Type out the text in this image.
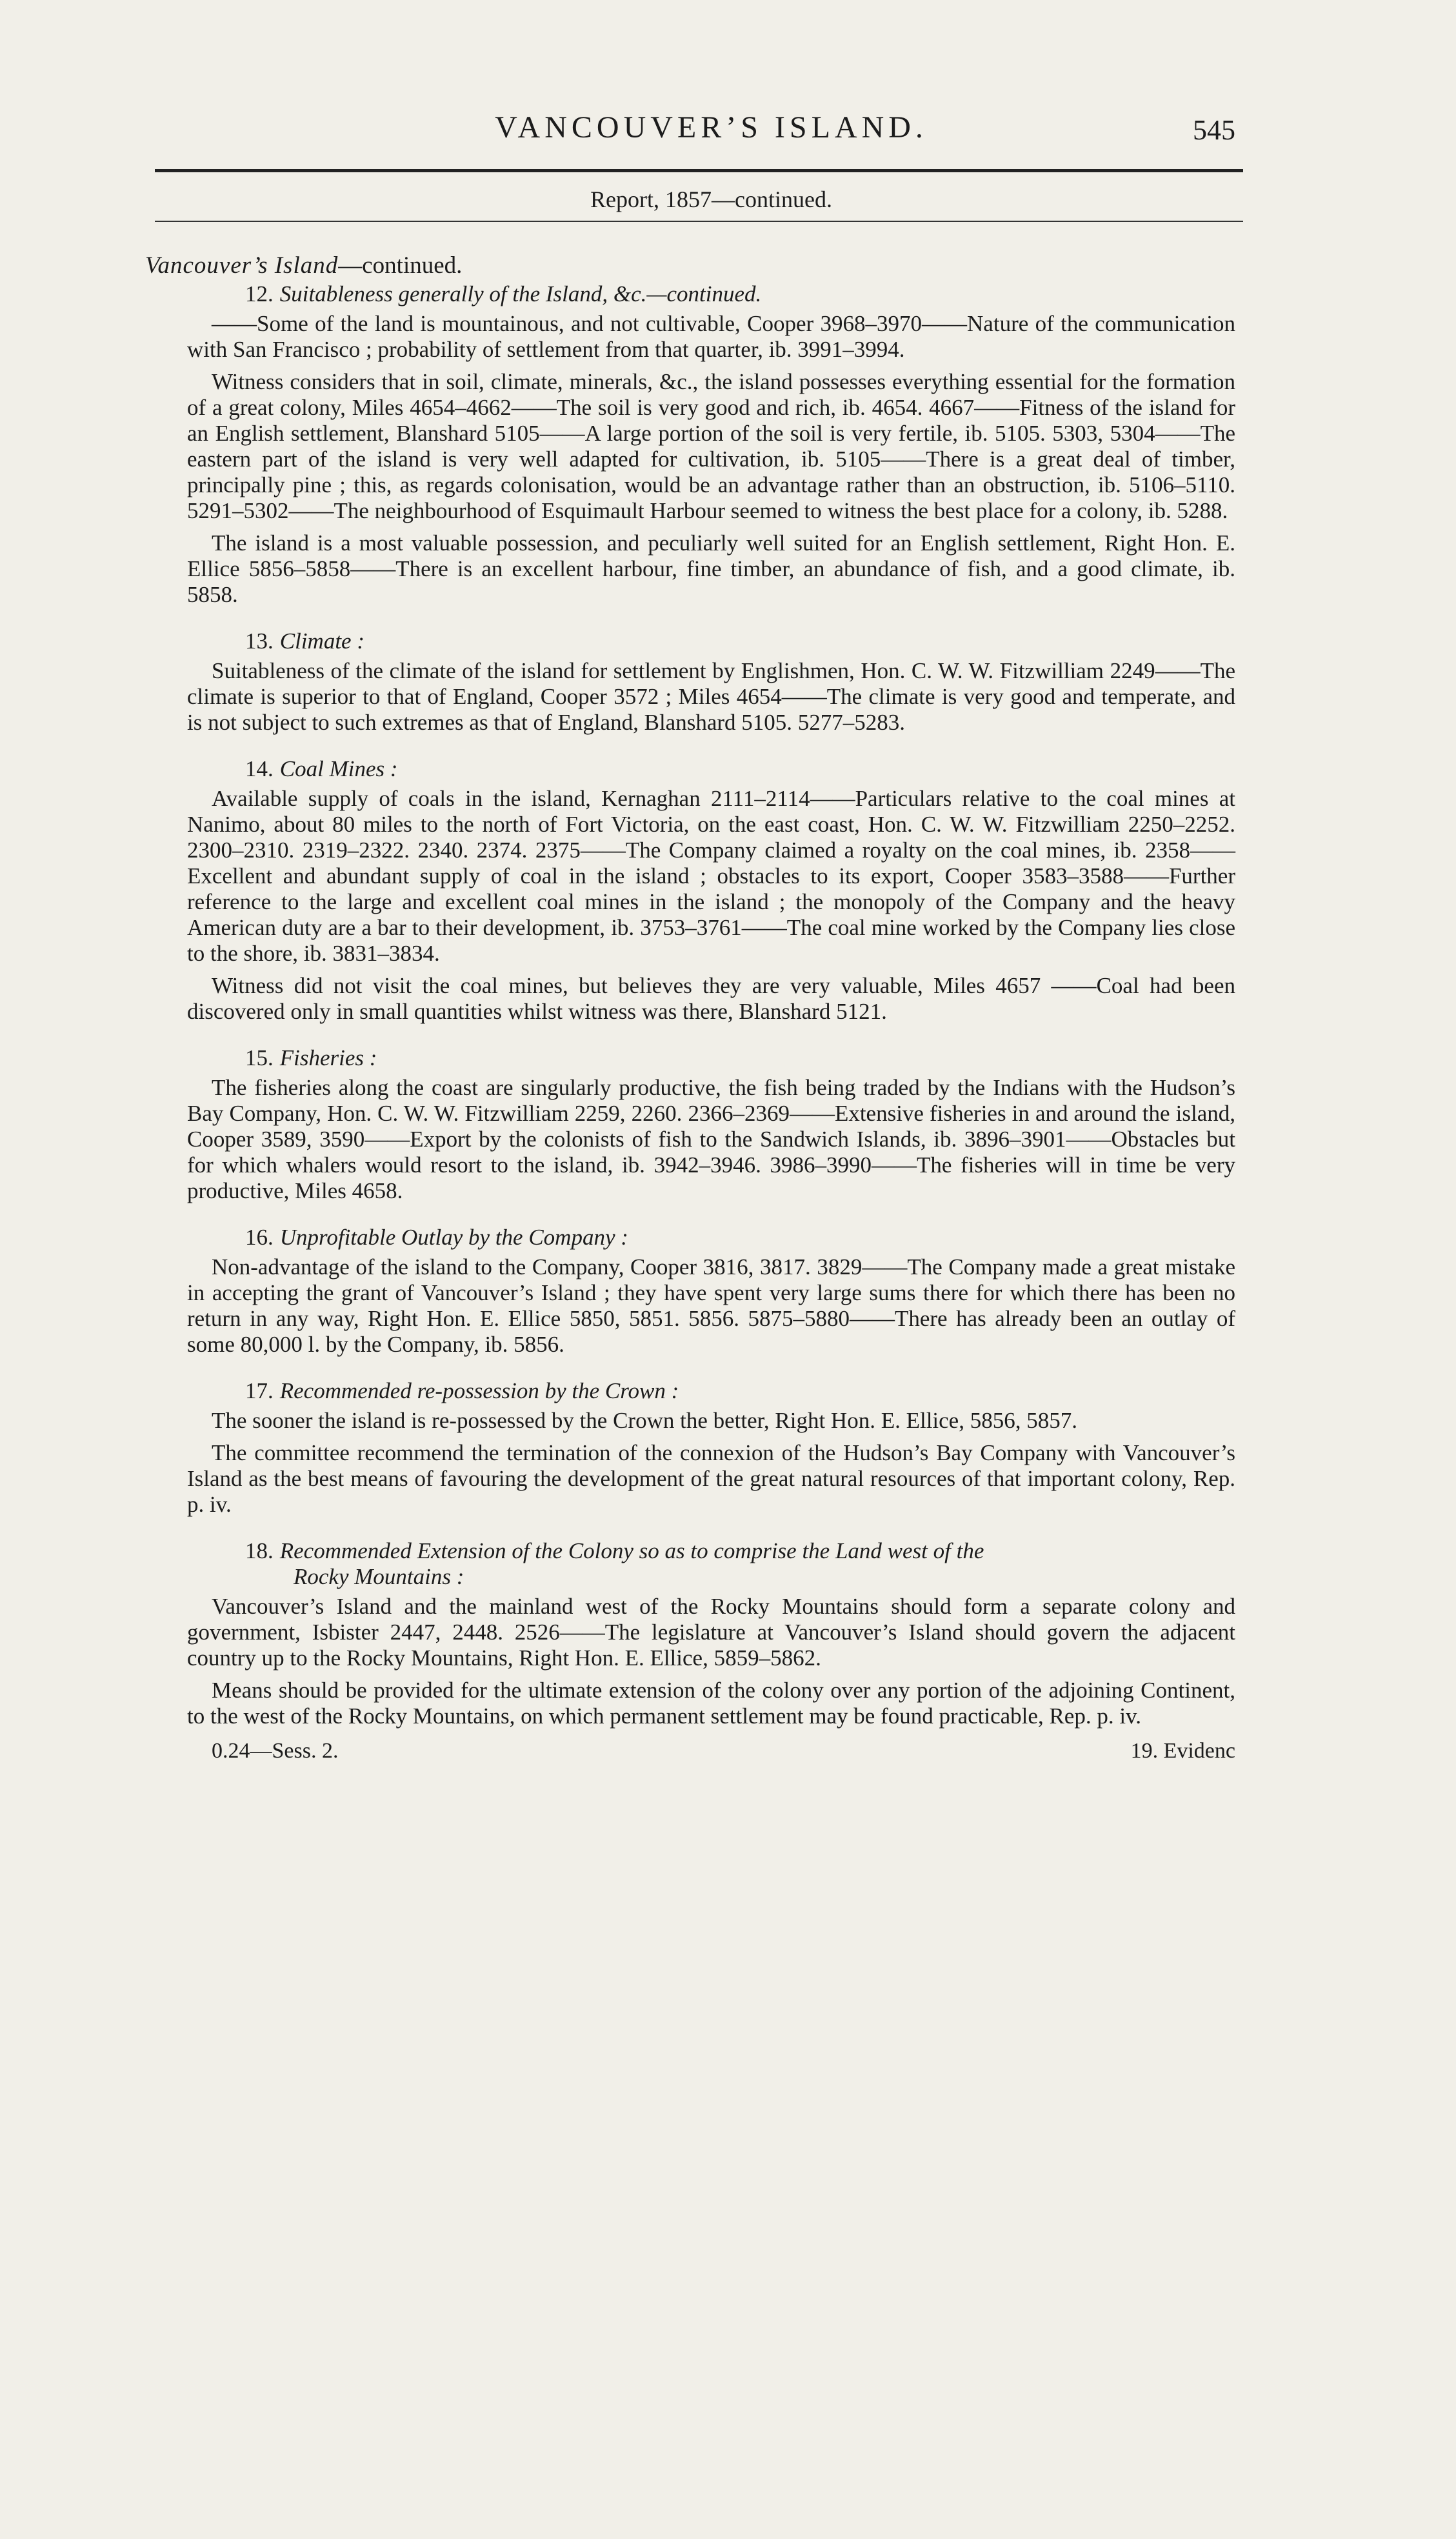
VANCOUVER’S ISLAND.	545
Report, 1857—continued.
Vancouver’s Island—continued.
12. Suitableness generally of the Island, &c.—continued.

——Some of the land is mountainous, and not cultivable, Cooper 3968–3970——Nature of the communication with San Francisco ; probability of settlement from that quarter, ib. 3991–3994.

Witness considers that in soil, climate, minerals, &c., the island possesses everything essential for the formation of a great colony, Miles 4654–4662——The soil is very good and rich, ib. 4654. 4667——Fitness of the island for an English settlement, Blanshard 5105——A large portion of the soil is very fertile, ib. 5105. 5303, 5304——The eastern part of the island is very well adapted for cultivation, ib. 5105——There is a great deal of timber, principally pine ; this, as regards colonisation, would be an advantage rather than an obstruction, ib. 5106–5110. 5291–5302——The neighbourhood of Esquimault Harbour seemed to witness the best place for a colony, ib. 5288.

The island is a most valuable possession, and peculiarly well suited for an English settlement, Right Hon. E. Ellice 5856–5858——There is an excellent harbour, fine timber, an abundance of fish, and a good climate, ib. 5858.

13. Climate :

Suitableness of the climate of the island for settlement by Englishmen, Hon. C. W. W. Fitzwilliam 2249——The climate is superior to that of England, Cooper 3572 ; Miles 4654——The climate is very good and temperate, and is not subject to such extremes as that of England, Blanshard 5105. 5277–5283.

14. Coal Mines :

Available supply of coals in the island, Kernaghan 2111–2114——Particulars relative to the coal mines at Nanimo, about 80 miles to the north of Fort Victoria, on the east coast, Hon. C. W. W. Fitzwilliam 2250–2252. 2300–2310. 2319–2322. 2340. 2374. 2375——The Company claimed a royalty on the coal mines, ib. 2358——Excellent and abundant supply of coal in the island ; obstacles to its export, Cooper 3583–3588——Further reference to the large and excellent coal mines in the island ; the monopoly of the Company and the heavy American duty are a bar to their development, ib. 3753–3761——The coal mine worked by the Company lies close to the shore, ib. 3831–3834.

Witness did not visit the coal mines, but believes they are very valuable, Miles 4657 ——Coal had been discovered only in small quantities whilst witness was there, Blanshard 5121.

15. Fisheries :

The fisheries along the coast are singularly productive, the fish being traded by the Indians with the Hudson’s Bay Company, Hon. C. W. W. Fitzwilliam 2259, 2260. 2366–2369——Extensive fisheries in and around the island, Cooper 3589, 3590——Export by the colonists of fish to the Sandwich Islands, ib. 3896–3901——Obstacles but for which whalers would resort to the island, ib. 3942–3946. 3986–3990——The fisheries will in time be very productive, Miles 4658.

16. Unprofitable Outlay by the Company :

Non-advantage of the island to the Company, Cooper 3816, 3817. 3829——The Company made a great mistake in accepting the grant of Vancouver’s Island ; they have spent very large sums there for which there has been no return in any way, Right Hon. E. Ellice 5850, 5851. 5856. 5875–5880——There has already been an outlay of some 80,000 l. by the Company, ib. 5856.

17. Recommended re-possession by the Crown :

The sooner the island is re-possessed by the Crown the better, Right Hon. E. Ellice, 5856, 5857.

The committee recommend the termination of the connexion of the Hudson’s Bay Company with Vancouver’s Island as the best means of favouring the development of the great natural resources of that important colony, Rep. p. iv.

18. Recommended Extension of the Colony so as to comprise the Land west of the
Rocky Mountains :

Vancouver’s Island and the mainland west of the Rocky Mountains should form a separate colony and government, Isbister 2447, 2448. 2526——The legislature at Vancouver’s Island should govern the adjacent country up to the Rocky Mountains, Right Hon. E. Ellice, 5859–5862.

Means should be provided for the ultimate extension of the colony over any portion of the adjoining Continent, to the west of the Rocky Mountains, on which permanent settlement may be found practicable, Rep. p. iv.

0.24—Sess. 2.	19. Evidenc
